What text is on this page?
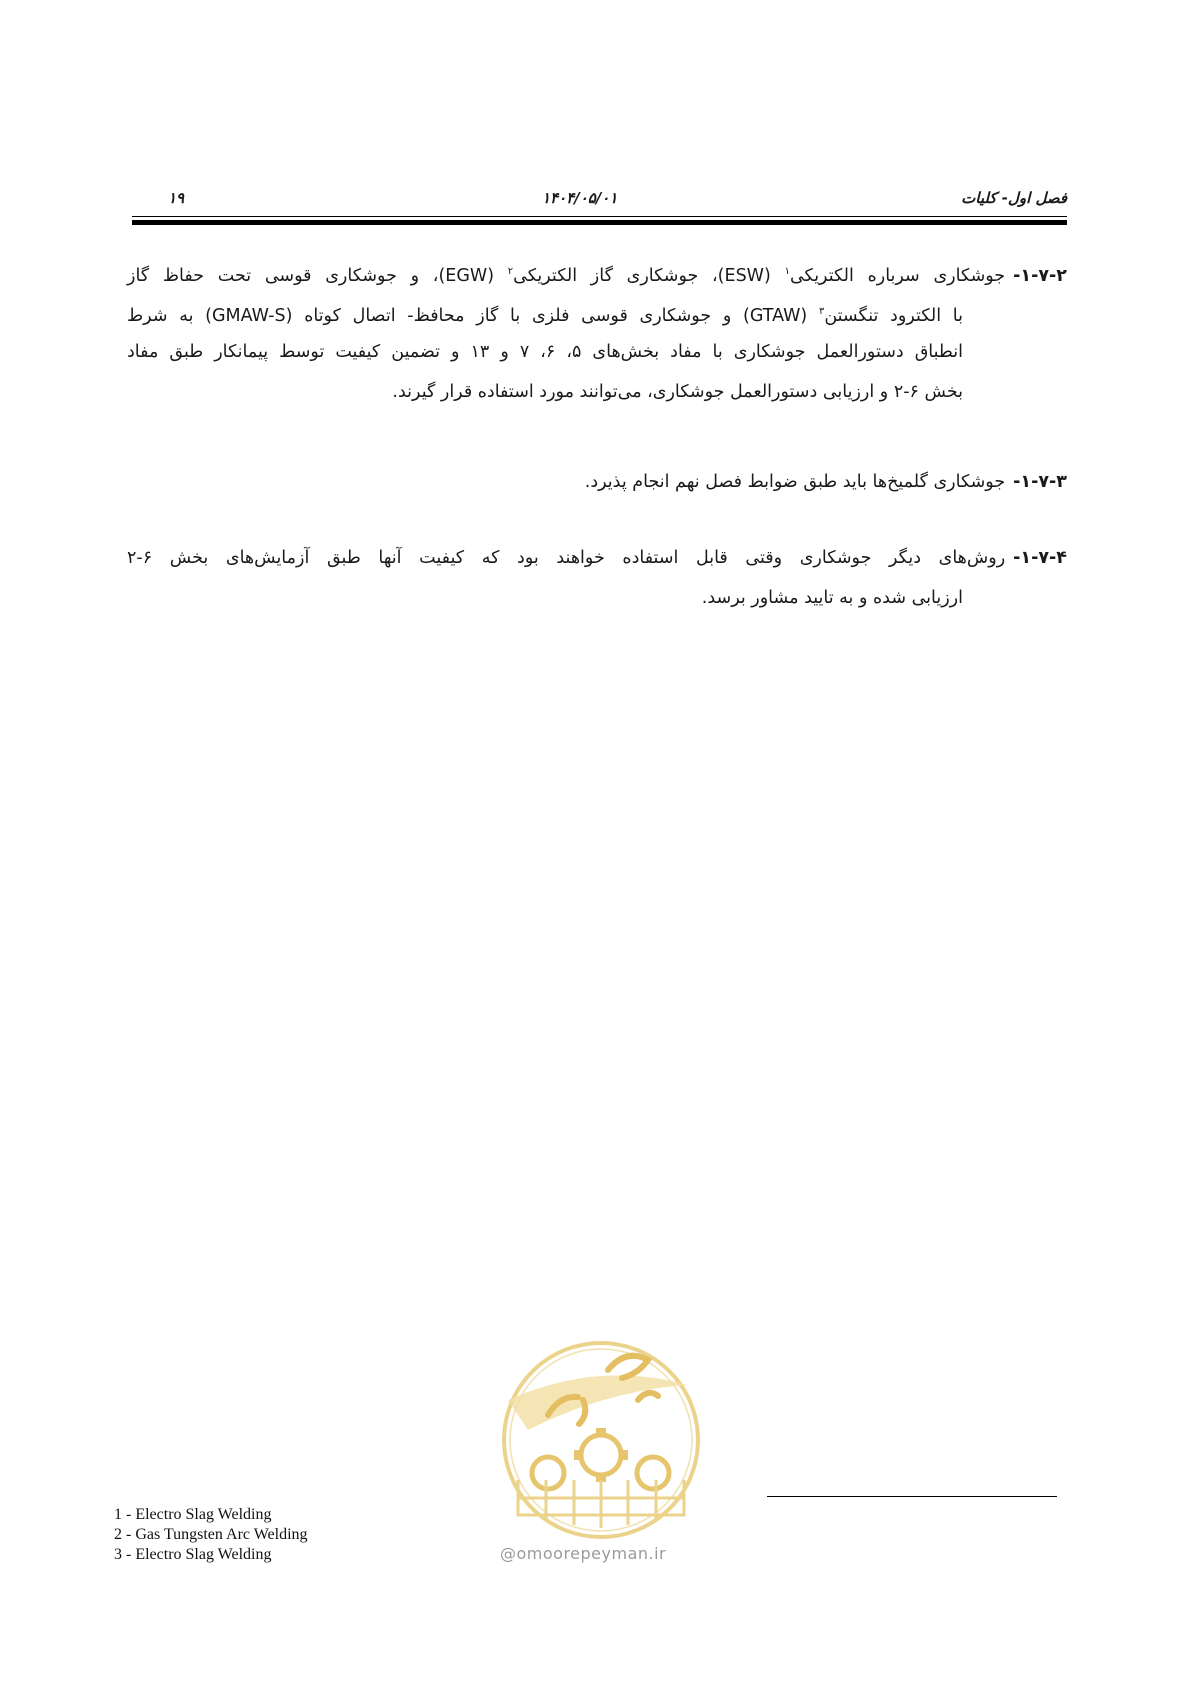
فصل اول- کلیات
۱۴۰۴/۰۵/۰۱
۱۹
۱-۷-۲-جوشکاری سرباره الکتریکی$^۱$ (ESW)، جوشکاری گاز الکتریکی$^۲$ (EGW)، و جوشکاری قوسی تحت حفاظ گاز
با الکترود تنگستن$^۳$ (GTAW) و جوشکاری قوسی فلزی با گاز محافظ- اتصال کوتاه (GMAW-S) به شرط
انطباق دستورالعمل جوشکاری با مفاد بخش‌های ۵، ۶، ۷ و ۱۳ و تضمین کیفیت توسط پیمانکار طبق مفاد
بخش ۶-۲ و ارزیابی دستورالعمل جوشکاری، می‌توانند مورد استفاده قرار گیرند.
۱-۷-۳-جوشکاری گلمیخ‌ها باید طبق ضوابط فصل نهم انجام پذیرد.
۱-۷-۴-روش‌های دیگر جوشکاری وقتی قابل استفاده خواهند بود که کیفیت آنها طبق آزمایش‌های بخش ۶-۲
ارزیابی شده و به تایید مشاور برسد.
@omoorepeyman.ir
1 - Electro Slag Welding
2 - Gas Tungsten Arc Welding
3 - Electro Slag Welding
